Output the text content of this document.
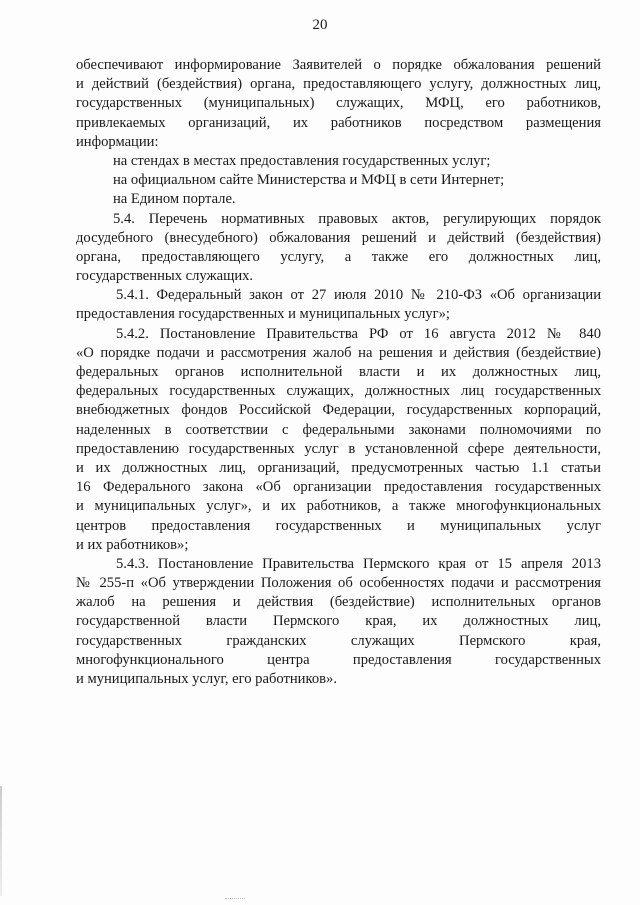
20
обеспечивают информирование Заявителей о порядке обжалования решений
и действий (бездействия) органа, предоставляющего услугу, должностных лиц,
государственных (муниципальных) служащих, МФЦ, его работников,
привлекаемых организаций, их работников посредством размещения
информации:
на стендах в местах предоставления государственных услуг;
на официальном сайте Министерства и МФЦ в сети Интернет;
на Едином портале.
5.4. Перечень нормативных правовых актов, регулирующих порядок
досудебного (внесудебного) обжалования решений и действий (бездействия)
органа, предоставляющего услугу, а также его должностных лиц,
государственных служащих.
5.4.1. Федеральный закон от 27 июля 2010 № 210-ФЗ «Об организации
предоставления государственных и муниципальных услуг»;
5.4.2. Постановление Правительства РФ от 16 августа 2012 № 840
«О порядке подачи и рассмотрения жалоб на решения и действия (бездействие)
федеральных органов исполнительной власти и их должностных лиц,
федеральных государственных служащих, должностных лиц государственных
внебюджетных фондов Российской Федерации, государственных корпораций,
наделенных в соответствии с федеральными законами полномочиями по
предоставлению государственных услуг в установленной сфере деятельности,
и их должностных лиц, организаций, предусмотренных частью 1.1 статьи
16 Федерального закона «Об организации предоставления государственных
и муниципальных услуг», и их работников, а также многофункциональных
центров предоставления государственных и муниципальных услуг
и их работников»;
5.4.3. Постановление Правительства Пермского края от 15 апреля 2013
№ 255-п «Об утверждении Положения об особенностях подачи и рассмотрения
жалоб на решения и действия (бездействие) исполнительных органов
государственной власти Пермского края, их должностных лиц,
государственных гражданских служащих Пермского края,
многофункционального центра предоставления государственных
и муниципальных услуг, его работников».
